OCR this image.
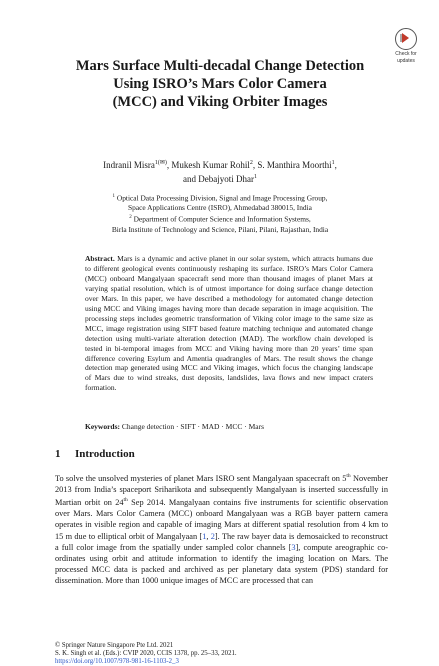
Check for
updates
Mars Surface Multi-decadal Change Detection
Using ISRO’s Mars Color Camera
(MCC) and Viking Orbiter Images
Indranil Misra$^{1(✉)}$, Mukesh Kumar Rohil$^2$, S. Manthira Moorthi$^1$,
and Debajyoti Dhar$^1$
$^1$ Optical Data Processing Division, Signal and Image Processing Group,
Space Applications Centre (ISRO), Ahmedabad 380015, India
$^2$ Department of Computer Science and Information Systems,
Birla Institute of Technology and Science, Pilani, Pilani, Rajasthan, India
Abstract. Mars is a dynamic and active planet in our solar system, which attracts humans due to different geological events continuously reshaping its surface. ISRO’s Mars Color Camera (MCC) onboard Mangalyaan spacecraft send more than thousand images of planet Mars at varying spatial resolution, which is of utmost importance for doing surface change detection over Mars. In this paper, we have described a methodology for automated change detection using MCC and Viking images having more than decade separation in image acquisition. The processing steps includes geometric transformation of Viking color image to the same size as MCC, image registration using SIFT based feature matching technique and automated change detection using multi-variate alteration detection (MAD). The workflow chain developed is tested in bi-temporal images from MCC and Viking having more than 20 years’ time span difference covering Esylum and Amentia quadrangles of Mars. The result shows the change detection map generated using MCC and Viking images, which focus the changing landscape of Mars due to wind streaks, dust deposits, landslides, lava flows and new impact craters formation.
Keywords: Change detection · SIFT · MAD · MCC · Mars
1 Introduction

To solve the unsolved mysteries of planet Mars ISRO sent Mangalyaan spacecraft on 5th November 2013 from India’s spaceport Sriharikota and subsequently Mangalyaan is inserted successfully in Martian orbit on 24th Sep 2014. Mangalyaan contains five instruments for scientific observation over Mars. Mars Color Camera (MCC) onboard Mangalyaan was a RGB bayer pattern camera operates in visible region and capable of imaging Mars at different spatial resolution from 4 km to 15 m due to elliptical orbit of Mangalyaan [1, 2]. The raw bayer data is demosaicked to reconstruct a full color image from the spatially under sampled color channels [3], compute areographic co-ordinates using orbit and attitude information to identify the imaging location on Mars. The processed MCC data is packed and archived as per planetary data system (PDS) standard for dissemination. More than 1000 unique images of MCC are processed that can

© Springer Nature Singapore Pte Ltd. 2021
S. K. Singh et al. (Eds.): CVIP 2020, CCIS 1378, pp. 25–33, 2021.
https://doi.org/10.1007/978-981-16-1103-2_3
